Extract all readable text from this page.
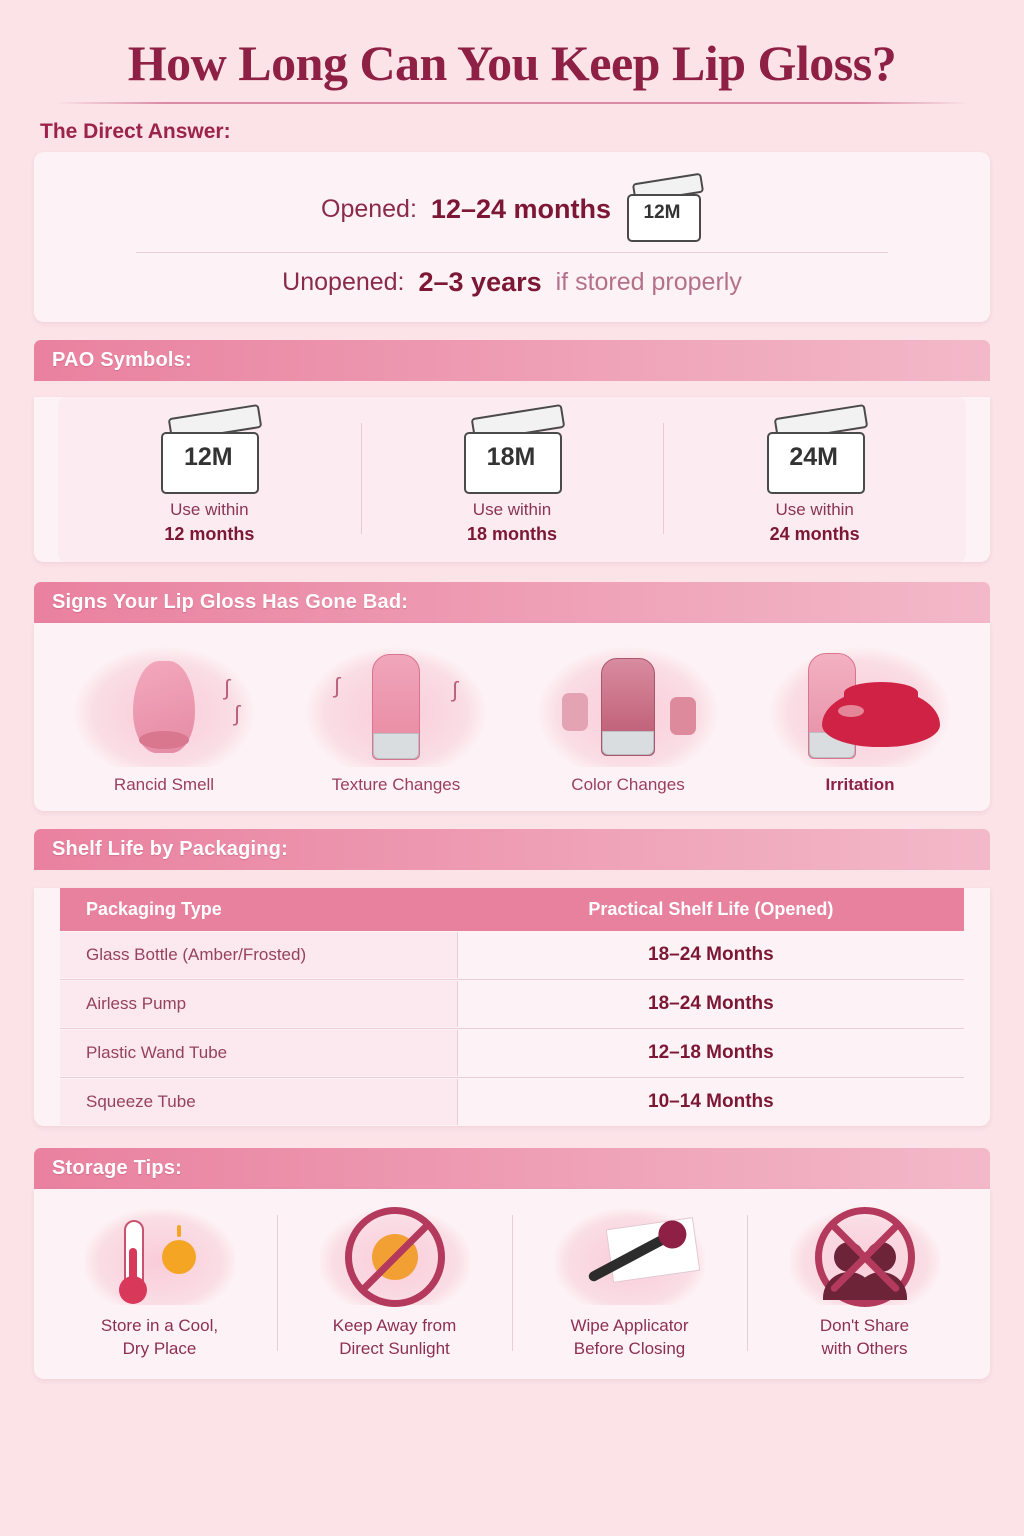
How Long Can You Keep Lip Gloss?
The Direct Answer:
Opened: 12–24 months	12M
Unopened: 2–3 years if stored properly
PAO Symbols:
12M
Use within
12 months
18M
Use within
18 months
24M
Use within
24 months
Signs Your Lip Gloss Has Gone Bad:
∫
∫
Rancid Smell
∫	∫
Texture Changes	Color Changes	Irritation
Shelf Life by Packaging:
Packaging Type	Practical Shelf Life (Opened)
Glass Bottle (Amber/Frosted)	18–24 Months
Airless Pump	18–24 Months
Plastic Wand Tube	12–18 Months
Squeeze Tube	10–14 Months
Storage Tips:
Store in a Cool,
Dry Place
Keep Away from
Direct Sunlight
Wipe Applicator
Before Closing
Don't Share
with Others
